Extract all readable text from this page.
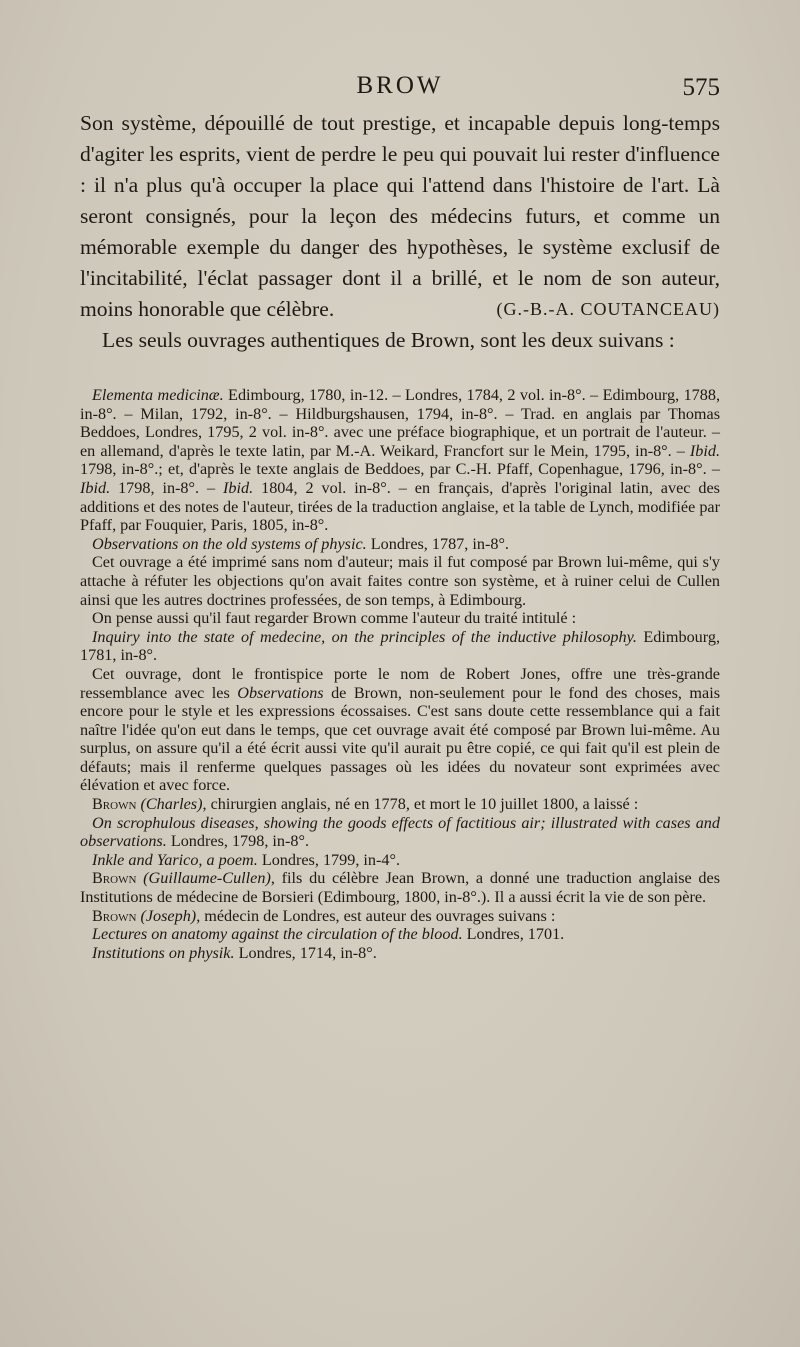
BROW	575

Son système, dépouillé de tout prestige, et incapable depuis long-temps d'agiter les esprits, vient de perdre le peu qui pouvait lui rester d'influence : il n'a plus qu'à occuper la place qui l'attend dans l'histoire de l'art. Là seront consignés, pour la leçon des médecins futurs, et comme un mémorable exemple du danger des hypothèses, le système exclusif de l'incitabilité, l'éclat passager dont il a brillé, et le nom de son auteur, moins honorable que célèbre.	(G.-B.-A. COUTANCEAU)

Les seuls ouvrages authentiques de Brown, sont les deux suivans :

Elementa medicinæ. Edimbourg, 1780, in-12. – Londres, 1784, 2 vol. in-8°. – Edimbourg, 1788, in-8°. – Milan, 1792, in-8°. – Hildburgshausen, 1794, in-8°. – Trad. en anglais par Thomas Beddoes, Londres, 1795, 2 vol. in-8°. avec une préface biographique, et un portrait de l'auteur. – en allemand, d'après le texte latin, par M.-A. Weikard, Francfort sur le Mein, 1795, in-8°. – Ibid. 1798, in-8°.; et, d'après le texte anglais de Beddoes, par C.-H. Pfaff, Copenhague, 1796, in-8°. – Ibid. 1798, in-8°. – Ibid. 1804, 2 vol. in-8°. – en français, d'après l'original latin, avec des additions et des notes de l'auteur, tirées de la traduction anglaise, et la table de Lynch, modifiée par Pfaff, par Fouquier, Paris, 1805, in-8°.

Observations on the old systems of physic. Londres, 1787, in-8°.

Cet ouvrage a été imprimé sans nom d'auteur; mais il fut composé par Brown lui-même, qui s'y attache à réfuter les objections qu'on avait faites contre son système, et à ruiner celui de Cullen ainsi que les autres doctrines professées, de son temps, à Edimbourg.

On pense aussi qu'il faut regarder Brown comme l'auteur du traité intitulé :

Inquiry into the state of medecine, on the principles of the inductive philosophy. Edimbourg, 1781, in-8°.

Cet ouvrage, dont le frontispice porte le nom de Robert Jones, offre une très-grande ressemblance avec les Observations de Brown, non-seulement pour le fond des choses, mais encore pour le style et les expressions écossaises. C'est sans doute cette ressemblance qui a fait naître l'idée qu'on eut dans le temps, que cet ouvrage avait été composé par Brown lui-même. Au surplus, on assure qu'il a été écrit aussi vite qu'il aurait pu être copié, ce qui fait qu'il est plein de défauts; mais il renferme quelques passages où les idées du novateur sont exprimées avec élévation et avec force.

Brown (Charles), chirurgien anglais, né en 1778, et mort le 10 juillet 1800, a laissé :

On scrophulous diseases, showing the goods effects of factitious air; illustrated with cases and observations. Londres, 1798, in-8°.

Inkle and Yarico, a poem. Londres, 1799, in-4°.

Brown (Guillaume-Cullen), fils du célèbre Jean Brown, a donné une traduction anglaise des Institutions de médecine de Borsieri (Edimbourg, 1800, in-8°.). Il a aussi écrit la vie de son père.

Brown (Joseph), médecin de Londres, est auteur des ouvrages suivans :

Lectures on anatomy against the circulation of the blood. Londres, 1701.

Institutions on physik. Londres, 1714, in-8°.
